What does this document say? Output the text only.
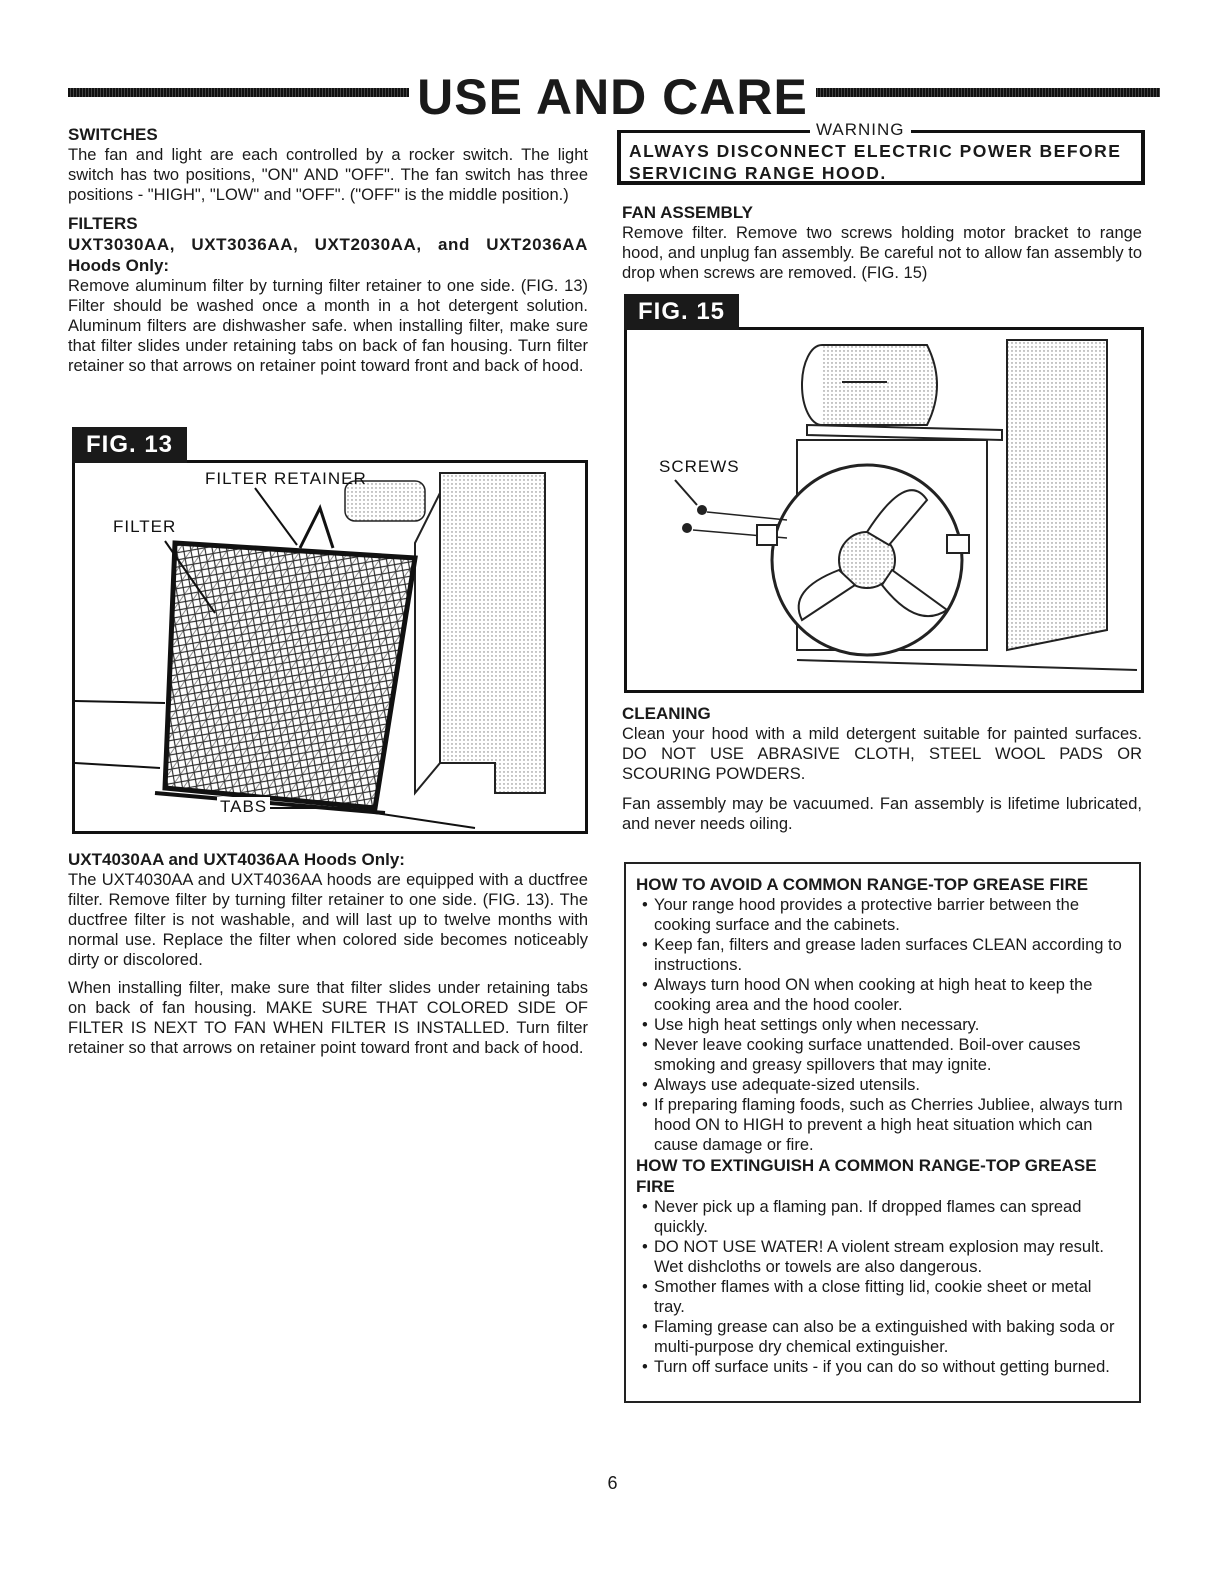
USE AND CARE

SWITCHES

The fan and light are each controlled by a rocker switch. The light switch has two positions, "ON" AND "OFF". The fan switch has three positions - "HIGH", "LOW" and "OFF". ("OFF" is the middle position.)

FILTERS

UXT3030AA, UXT3036AA, UXT2030AA, and UXT2036AA

Hoods Only:

Remove aluminum filter by turning filter retainer to one side. (FIG. 13) Filter should be washed once a month in a hot detergent solution. Aluminum filters are dishwasher safe. when installing filter, make sure that filter slides under retaining tabs on back of fan housing. Turn filter retainer so that arrows on retainer point toward front and back of hood.

FIG. 13
FILTER RETAINER
FILTER
TABS

UXT4030AA and UXT4036AA Hoods Only:

The UXT4030AA and UXT4036AA hoods are equipped with a ductfree filter. Remove filter by turning filter retainer to one side. (FIG. 13). The ductfree filter is not washable, and will last up to twelve months with normal use. Replace the filter when colored side becomes noticeably dirty or discolored.

When installing filter, make sure that filter slides under retaining tabs on back of fan housing. MAKE SURE THAT COLORED SIDE OF FILTER IS NEXT TO FAN WHEN FILTER IS INSTALLED. Turn filter retainer so that arrows on retainer point toward front and back of hood.

ALWAYS DISCONNECT ELECTRIC POWER BEFORE
SERVICING RANGE HOOD.
WARNING

FAN ASSEMBLY

Remove filter. Remove two screws holding motor bracket to range hood, and unplug fan assembly. Be careful not to allow fan assembly to drop when screws are removed. (FIG. 15)

FIG. 15
SCREWS

CLEANING

Clean your hood with a mild detergent suitable for painted surfaces. DO NOT USE ABRASIVE CLOTH, STEEL WOOL PADS OR SCOURING POWDERS.

Fan assembly may be vacuumed. Fan assembly is lifetime lubricated, and never needs oiling.

HOW TO AVOID A COMMON RANGE-TOP GREASE FIRE
• Your range hood provides a protective barrier between the cooking surface and the cabinets.
• Keep fan, filters and grease laden surfaces CLEAN according to instructions.
• Always turn hood ON when cooking at high heat to keep the cooking area and the hood cooler.
• Use high heat settings only when necessary.
• Never leave cooking surface unattended. Boil-over causes smoking and greasy spillovers that may ignite.
• Always use adequate-sized utensils.
• If preparing flaming foods, such as Cherries Jubliee, always turn hood ON to HIGH to prevent a high heat situation which can cause damage or fire.
HOW TO EXTINGUISH A COMMON RANGE-TOP GREASE FIRE
• Never pick up a flaming pan. If dropped flames can spread quickly.
• DO NOT USE WATER! A violent stream explosion may result. Wet dishcloths or towels are also dangerous.
• Smother flames with a close fitting lid, cookie sheet or metal tray.
• Flaming grease can also be a extinguished with baking soda or multi-purpose dry chemical extinguisher.
• Turn off surface units - if you can do so without getting burned.
6
